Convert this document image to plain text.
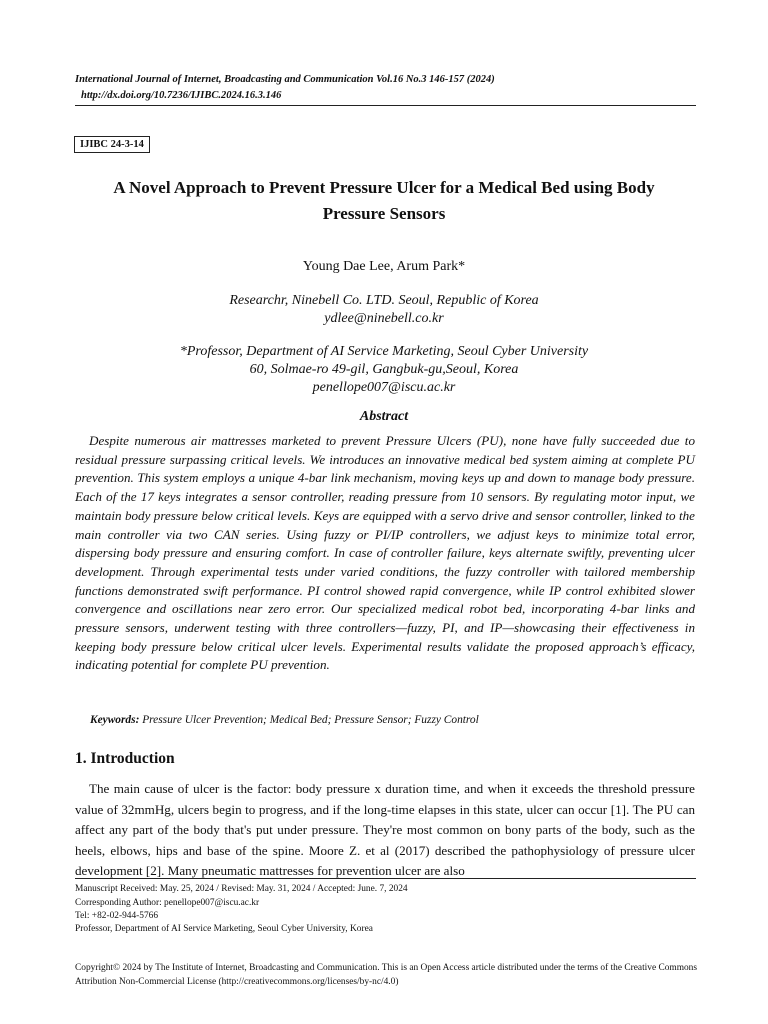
International Journal of Internet, Broadcasting and Communication Vol.16 No.3 146-157 (2024)
http://dx.doi.org/10.7236/IJIBC.2024.16.3.146
IJIBC 24-3-14
A Novel Approach to Prevent Pressure Ulcer for a Medical Bed using Body
Pressure Sensors
Young Dae Lee, Arum Park*
Researchr, Ninebell Co. LTD. Seoul, Republic of Korea
ydlee@ninebell.co.kr
*Professor, Department of AI Service Marketing, Seoul Cyber University
60, Solmae-ro 49-gil, Gangbuk-gu,Seoul, Korea
penellope007@iscu.ac.kr
Abstract
Despite numerous air mattresses marketed to prevent Pressure Ulcers (PU), none have fully succeeded due to residual pressure surpassing critical levels. We introduces an innovative medical bed system aiming at complete PU prevention. This system employs a unique 4-bar link mechanism, moving keys up and down to manage body pressure. Each of the 17 keys integrates a sensor controller, reading pressure from 10 sensors. By regulating motor input, we maintain body pressure below critical levels. Keys are equipped with a servo drive and sensor controller, linked to the main controller via two CAN series. Using fuzzy or PI/IP controllers, we adjust keys to minimize total error, dispersing body pressure and ensuring comfort. In case of controller failure, keys alternate swiftly, preventing ulcer development. Through experimental tests under varied conditions, the fuzzy controller with tailored membership functions demonstrated swift performance. PI control showed rapid convergence, while IP control exhibited slower convergence and oscillations near zero error. Our specialized medical robot bed, incorporating 4-bar links and pressure sensors, underwent testing with three controllers—fuzzy, PI, and IP—showcasing their effectiveness in keeping body pressure below critical ulcer levels. Experimental results validate the proposed approach’s efficacy, indicating potential for complete PU prevention.
Keywords: Pressure Ulcer Prevention; Medical Bed; Pressure Sensor; Fuzzy Control
1. Introduction
The main cause of ulcer is the factor: body pressure x duration time, and when it exceeds the threshold pressure value of 32mmHg, ulcers begin to progress, and if the long-time elapses in this state, ulcer can occur [1]. The PU can affect any part of the body that's put under pressure. They're most common on bony parts of the body, such as the heels, elbows, hips and base of the spine. Moore Z. et al (2017) described the pathophysiology of pressure ulcer development [2]. Many pneumatic mattresses for prevention ulcer are also
Manuscript Received: May. 25, 2024 / Revised: May. 31, 2024 / Accepted: June. 7, 2024
Corresponding Author: penellope007@iscu.ac.kr
Tel: +82-02-944-5766
Professor, Department of AI Service Marketing, Seoul Cyber University, Korea
Copyright© 2024 by The Institute of Internet, Broadcasting and Communication. This is an Open Access article distributed under the terms of the Creative Commons Attribution Non-Commercial License (http://creativecommons.org/licenses/by-nc/4.0)
